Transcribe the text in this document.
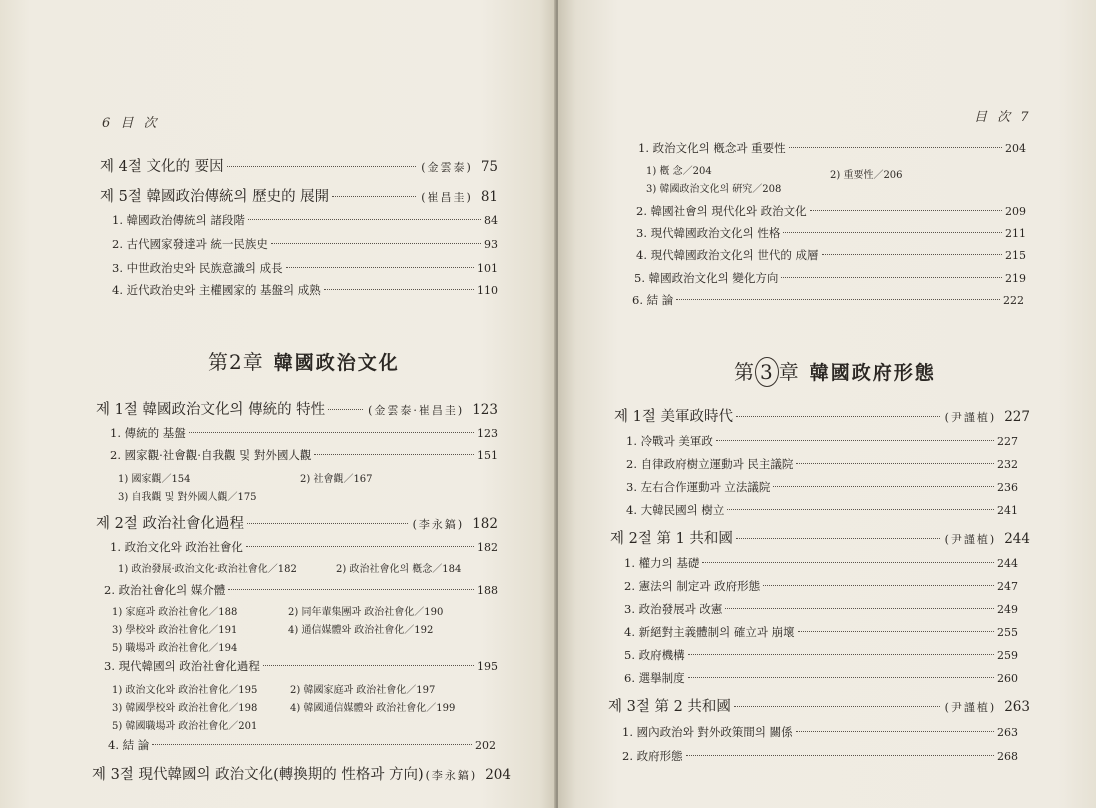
6 目 次
제 4절 文化的 要因	(金雲泰) 75
제 5절 韓國政治傳統의 歷史的 展開	(崔昌圭) 81
1. 韓國政治傳統의 諸段階	84
2. 古代國家發達과 統一民族史	93
3. 中世政治史와 民族意識의 成長	101
4. 近代政治史와 主權國家的 基盤의 成熟	110
第2章 韓國政治文化
제 1절 韓國政治文化의 傳統的 特性	(金雲泰·崔昌圭) 123
1. 傳統的 基盤	123
2. 國家觀·社會觀·自我觀 및 對外國人觀	151
1) 國家觀／154	2) 社會觀／167
3) 自我觀 및 對外國人觀／175
제 2절 政治社會化過程	(李永鎬) 182
1. 政治文化와 政治社會化	182
1) 政治發展·政治文化·政治社會化／182	2) 政治社會化의 槪念／184
2. 政治社會化의 媒介體	188
1) 家庭과 政治社會化／188	2) 同年輩集團과 政治社會化／190
3) 學校와 政治社會化／191	4) 通信媒體와 政治社會化／192
5) 職場과 政治社會化／194
3. 現代韓國의 政治社會化過程	195
1) 政治文化와 政治社會化／195	2) 韓國家庭과 政治社會化／197
3) 韓國學校와 政治社會化／198	4) 韓國通信媒體와 政治社會化／199
5) 韓國職場과 政治社會化／201
4. 結 論	202
제 3절 現代韓國의 政治文化(轉換期的 性格과 方向) (李永鎬) 204
目 次 7
1. 政治文化의 槪念과 重要性	204
1) 槪 念／204	2) 重要性／206
3) 韓國政治文化의 硏究／208
2. 韓國社會의 現代化와 政治文化	209
3. 現代韓國政治文化의 性格	211
4. 現代韓國政治文化의 世代的 成層	215
5. 韓國政治文化의 變化方向	219
6. 結 論	222
第 3 章 韓國政府形態
제 1절 美軍政時代	(尹謹植) 227
1. 冷戰과 美軍政	227
2. 自律政府樹立運動과 民主議院	232
3. 左右合作運動과 立法議院	236
4. 大韓民國의 樹立	241
제 2절 第 1 共和國	(尹謹植) 244
1. 權力의 基礎	244
2. 憲法의 制定과 政府形態	247
3. 政治發展과 改憲	249
4. 新絕對主義體制의 確立과 崩壞	255
5. 政府機構	259
6. 選擧制度	260
제 3절 第 2 共和國	(尹謹植) 263
1. 國內政治와 對外政策間의 關係	263
2. 政府形態	268
